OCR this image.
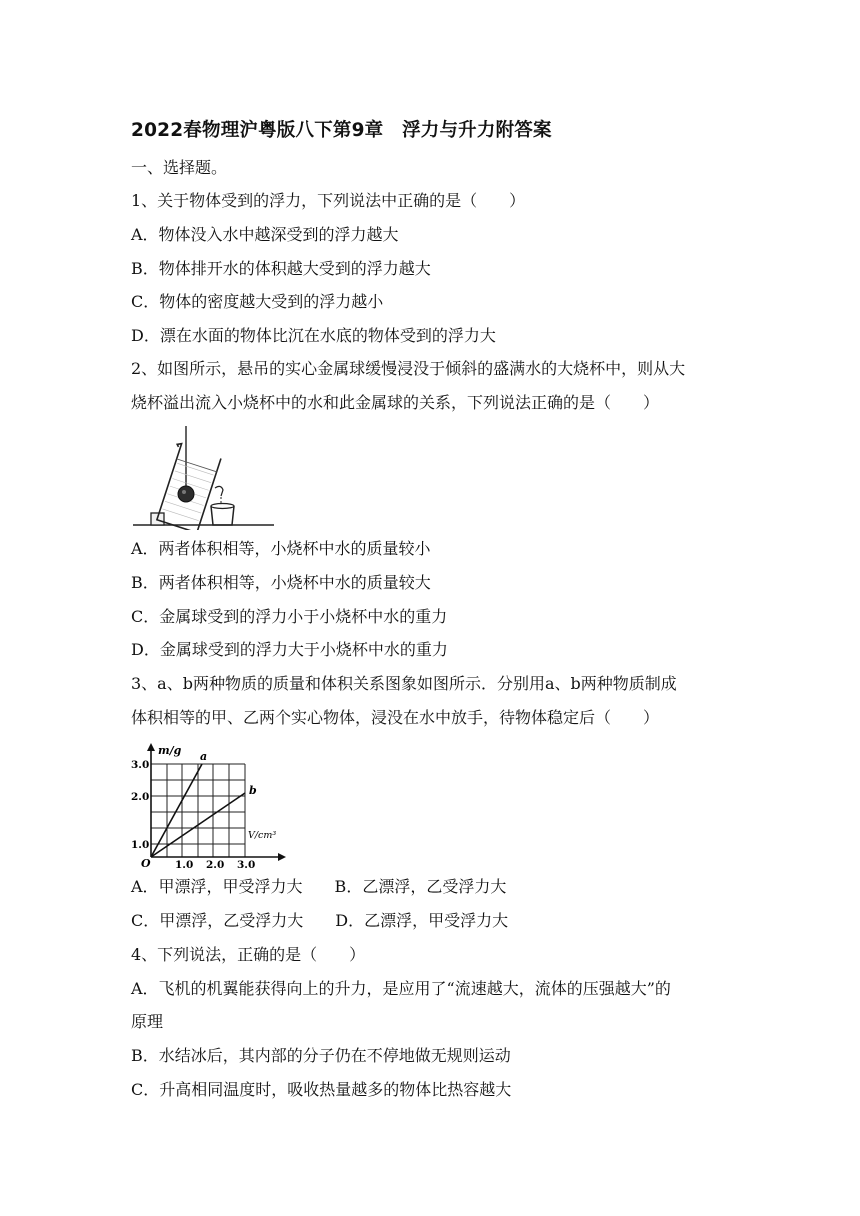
2022春物理沪粤版八下第9章　浮力与升力附答案
一、选择题。
1、关于物体受到的浮力，下列说法中正确的是（　　）
A．物体没入水中越深受到的浮力越大
B．物体排开水的体积越大受到的浮力越大
C．物体的密度越大受到的浮力越小
D．漂在水面的物体比沉在水底的物体受到的浮力大
2、如图所示，悬吊的实心金属球缓慢浸没于倾斜的盛满水的大烧杯中，则从大
烧杯溢出流入小烧杯中的水和此金属球的关系，下列说法正确的是（　　）
A．两者体积相等，小烧杯中水的质量较小
B．两者体积相等，小烧杯中水的质量较大
C．金属球受到的浮力小于小烧杯中水的重力
D．金属球受到的浮力大于小烧杯中水的重力
3、a、b两种物质的质量和体积关系图象如图所示．分别用a、b两种物质制成
体积相等的甲、乙两个实心物体，浸没在水中放手，待物体稳定后（　　）
m/g
V/cm³
O
1.0
2.0
3.0
1.0 2.0 3.0
a
b
A．甲漂浮，甲受浮力大　　B．乙漂浮，乙受浮力大
C．甲漂浮，乙受浮力大　　D．乙漂浮，甲受浮力大
4、下列说法，正确的是（　　）
A．飞机的机翼能获得向上的升力，是应用了“流速越大，流体的压强越大”的
原理
B．水结冰后，其内部的分子仍在不停地做无规则运动
C．升高相同温度时，吸收热量越多的物体比热容越大
